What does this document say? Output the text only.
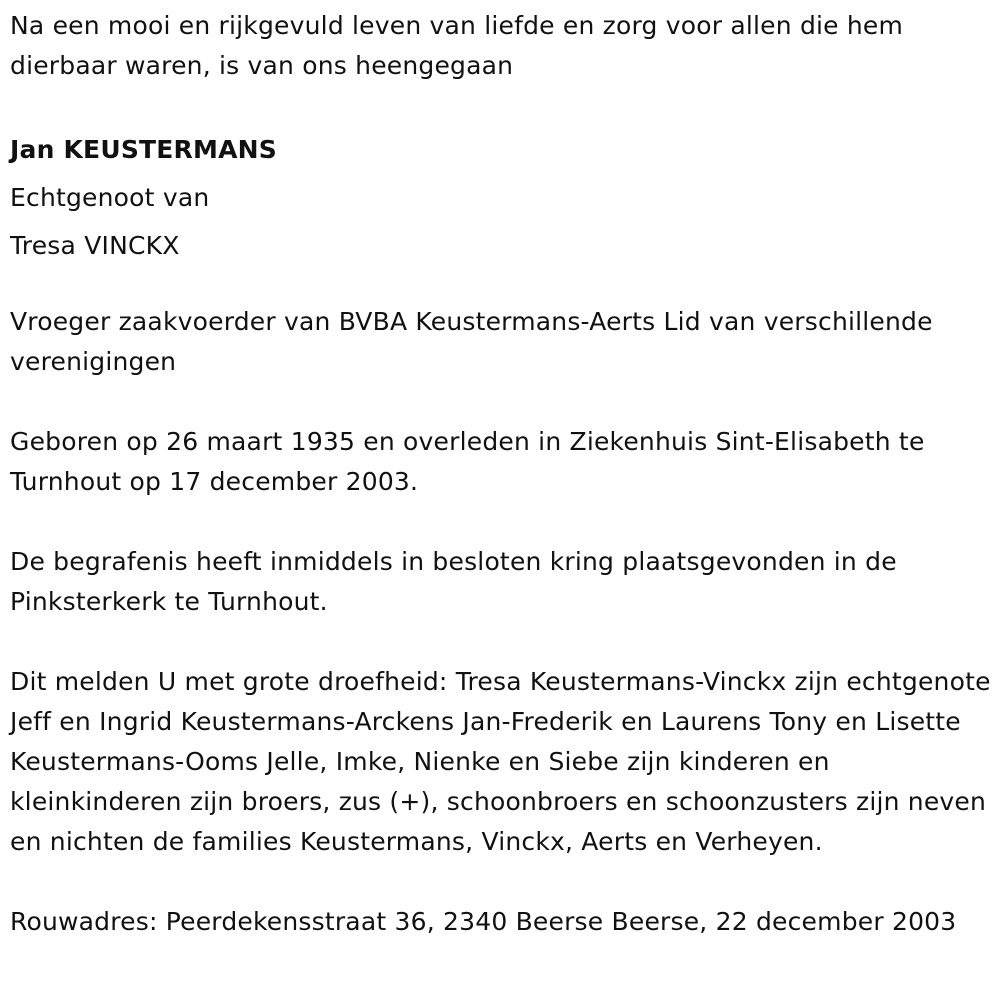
Na een mooi en rijkgevuld leven van liefde en zorg voor allen die hem dierbaar waren, is van ons heengegaan

Jan KEUSTERMANS

Echtgenoot van

Tresa VINCKX

Vroeger zaakvoerder van BVBA Keustermans-Aerts Lid van verschillende verenigingen

Geboren op 26 maart 1935 en overleden in Ziekenhuis Sint-Elisabeth te Turnhout op 17 december 2003.

De begrafenis heeft inmiddels in besloten kring plaatsgevonden in de Pinksterkerk te Turnhout.

Dit melden U met grote droefheid: Tresa Keustermans-Vinckx zijn echtgenote Jeff en Ingrid Keustermans-Arckens Jan-Frederik en Laurens Tony en Lisette Keustermans-Ooms Jelle, Imke, Nienke en Siebe zijn kinderen en kleinkinderen zijn broers, zus (+), schoonbroers en schoonzusters zijn neven en nichten de families Keustermans, Vinckx, Aerts en Verheyen.

Rouwadres: Peerdekensstraat 36, 2340 Beerse Beerse, 22 december 2003
